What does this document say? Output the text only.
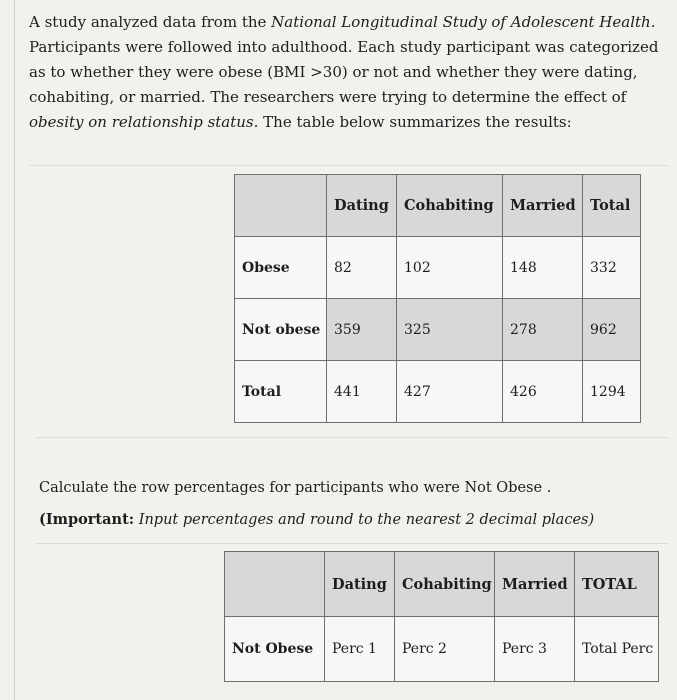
A study analyzed data from the National Longitudinal Study of Adolescent Health. Participants were followed into adulthood. Each study participant was categorized as to whether they were obese (BMI >30) or not and whether they were dating, cohabiting, or married. The researchers were trying to determine the effect of obesity on relationship status. The table below summarizes the results:
	Dating	Cohabiting	Married	Total
Obese	82	102	148	332
Not obese	359	325	278	962
Total	441	427	426	1294
Calculate the row percentages for participants who were Not Obese .
(Important: Input percentages and round to the nearest 2 decimal places)
	Dating	Cohabiting	Married	TOTAL
Not Obese	Perc 1	Perc 2	Perc 3	Total Perc
